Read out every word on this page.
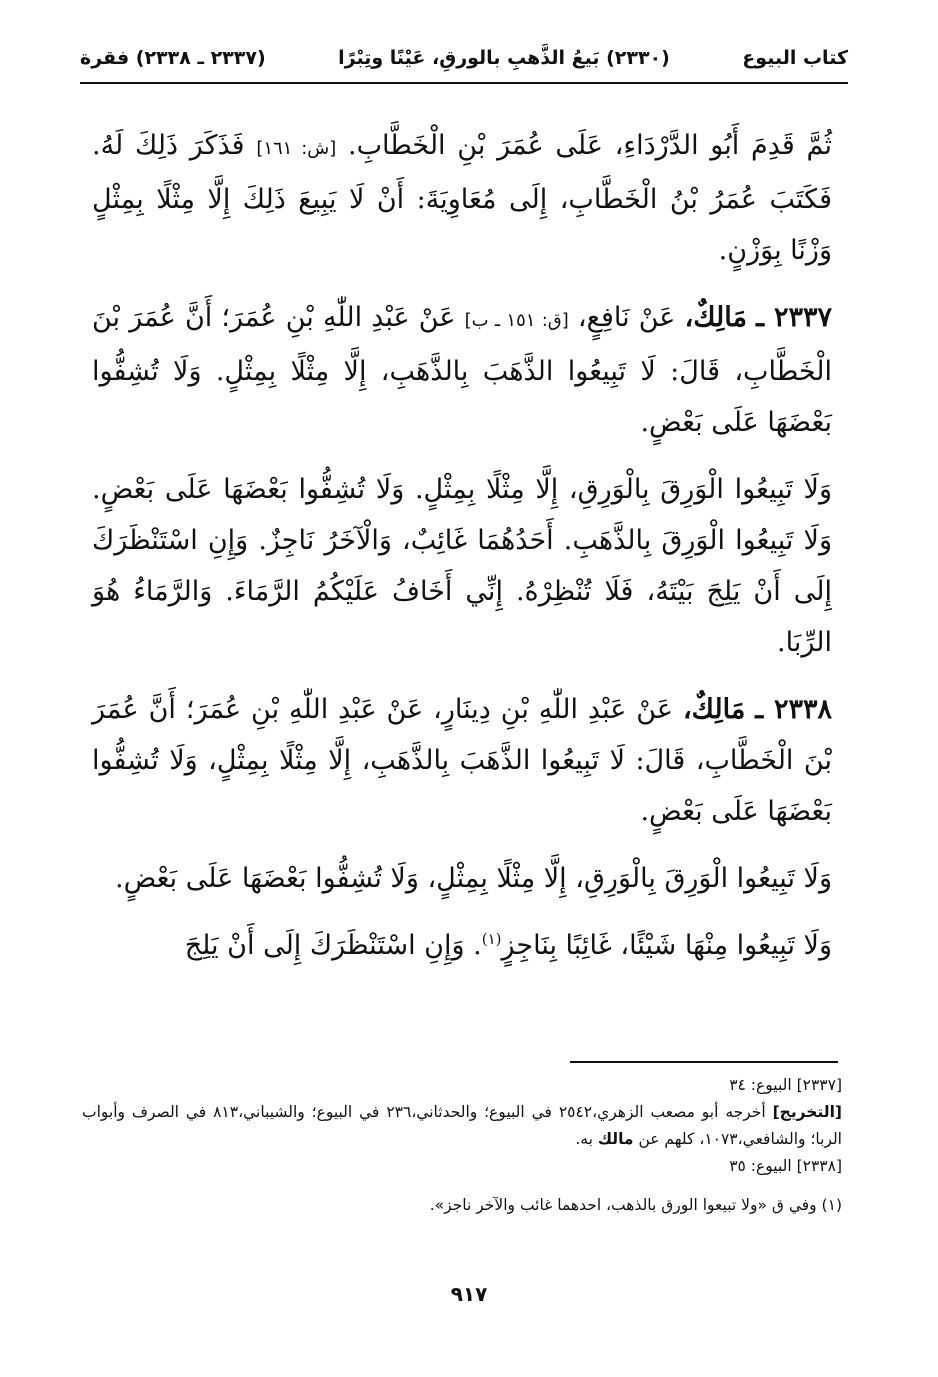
كتاب البيوع
(٢٣٣٠) بَيعُ الذَّهبِ بالورقِ، عَيْنًا وتِبْرًا
(٢٣٣٧ ـ ٢٣٣٨) فقرة

ثُمَّ قَدِمَ أَبُو الدَّرْدَاءِ، عَلَى عُمَرَ بْنِ الْخَطَّابِ. [ش: ١٦١] فَذَكَرَ ذَلِكَ لَهُ. فَكَتَبَ عُمَرُ بْنُ الْخَطَّابِ، إِلَى مُعَاوِيَةَ: أَنْ لَا يَبِيعَ ذَلِكَ إِلَّا مِثْلًا بِمِثْلٍ وَزْنًا بِوَزْنٍ.

٢٣٣٧ ـ مَالِكٌ، عَنْ نَافِعٍ، [ق: ١٥١ ـ ب] عَنْ عَبْدِ اللّٰهِ بْنِ عُمَرَ؛ أَنَّ عُمَرَ بْنَ الْخَطَّابِ، قَالَ: لَا تَبِيعُوا الذَّهَبَ بِالذَّهَبِ، إِلَّا مِثْلًا بِمِثْلٍ. وَلَا تُشِفُّوا بَعْضَهَا عَلَى بَعْضٍ.

وَلَا تَبِيعُوا الْوَرِقَ بِالْوَرِقِ، إِلَّا مِثْلًا بِمِثْلٍ. وَلَا تُشِفُّوا بَعْضَهَا عَلَى بَعْضٍ. وَلَا تَبِيعُوا الْوَرِقَ بِالذَّهَبِ. أَحَدُهُمَا غَائِبٌ، وَالْآخَرُ نَاجِزٌ. وَإِنِ اسْتَنْظَرَكَ إِلَى أَنْ يَلِجَ بَيْتَهُ، فَلَا تُنْظِرْهُ. إِنِّي أَخَافُ عَلَيْكُمُ الرَّمَاءَ. وَالرَّمَاءُ هُوَ الرِّبَا.

٢٣٣٨ ـ مَالِكٌ، عَنْ عَبْدِ اللّٰهِ بْنِ دِينَارٍ، عَنْ عَبْدِ اللّٰهِ بْنِ عُمَرَ؛ أَنَّ عُمَرَ بْنَ الْخَطَّابِ، قَالَ: لَا تَبِيعُوا الذَّهَبَ بِالذَّهَبِ، إِلَّا مِثْلًا بِمِثْلٍ، وَلَا تُشِفُّوا بَعْضَهَا عَلَى بَعْضٍ.

وَلَا تَبِيعُوا الْوَرِقَ بِالْوَرِقِ، إِلَّا مِثْلًا بِمِثْلٍ، وَلَا تُشِفُّوا بَعْضَهَا عَلَى بَعْضٍ.

وَلَا تَبِيعُوا مِنْهَا شَيْئًا، غَائِبًا بِنَاجِزٍ$^{(١)}$. وَإِنِ اسْتَنْظَرَكَ إِلَى أَنْ يَلِجَ

[٢٣٣٧] البيوع: ٣٤
[التخريج] أخرجه أبو مصعب الزهري،٢٥٤٢ في البيوع؛ والحدثاني،٢٣٦ في البيوع؛ والشيباني،٨١٣ في الصرف وأبواب الربا؛ والشافعي،١٠٧٣، كلهم عن مالك به.
[٢٣٣٨] البيوع: ٣٥
(١) وفي ق «ولا تبيعوا الورق بالذهب، احدهما غائب والآخر ناجز».
٩١٧
